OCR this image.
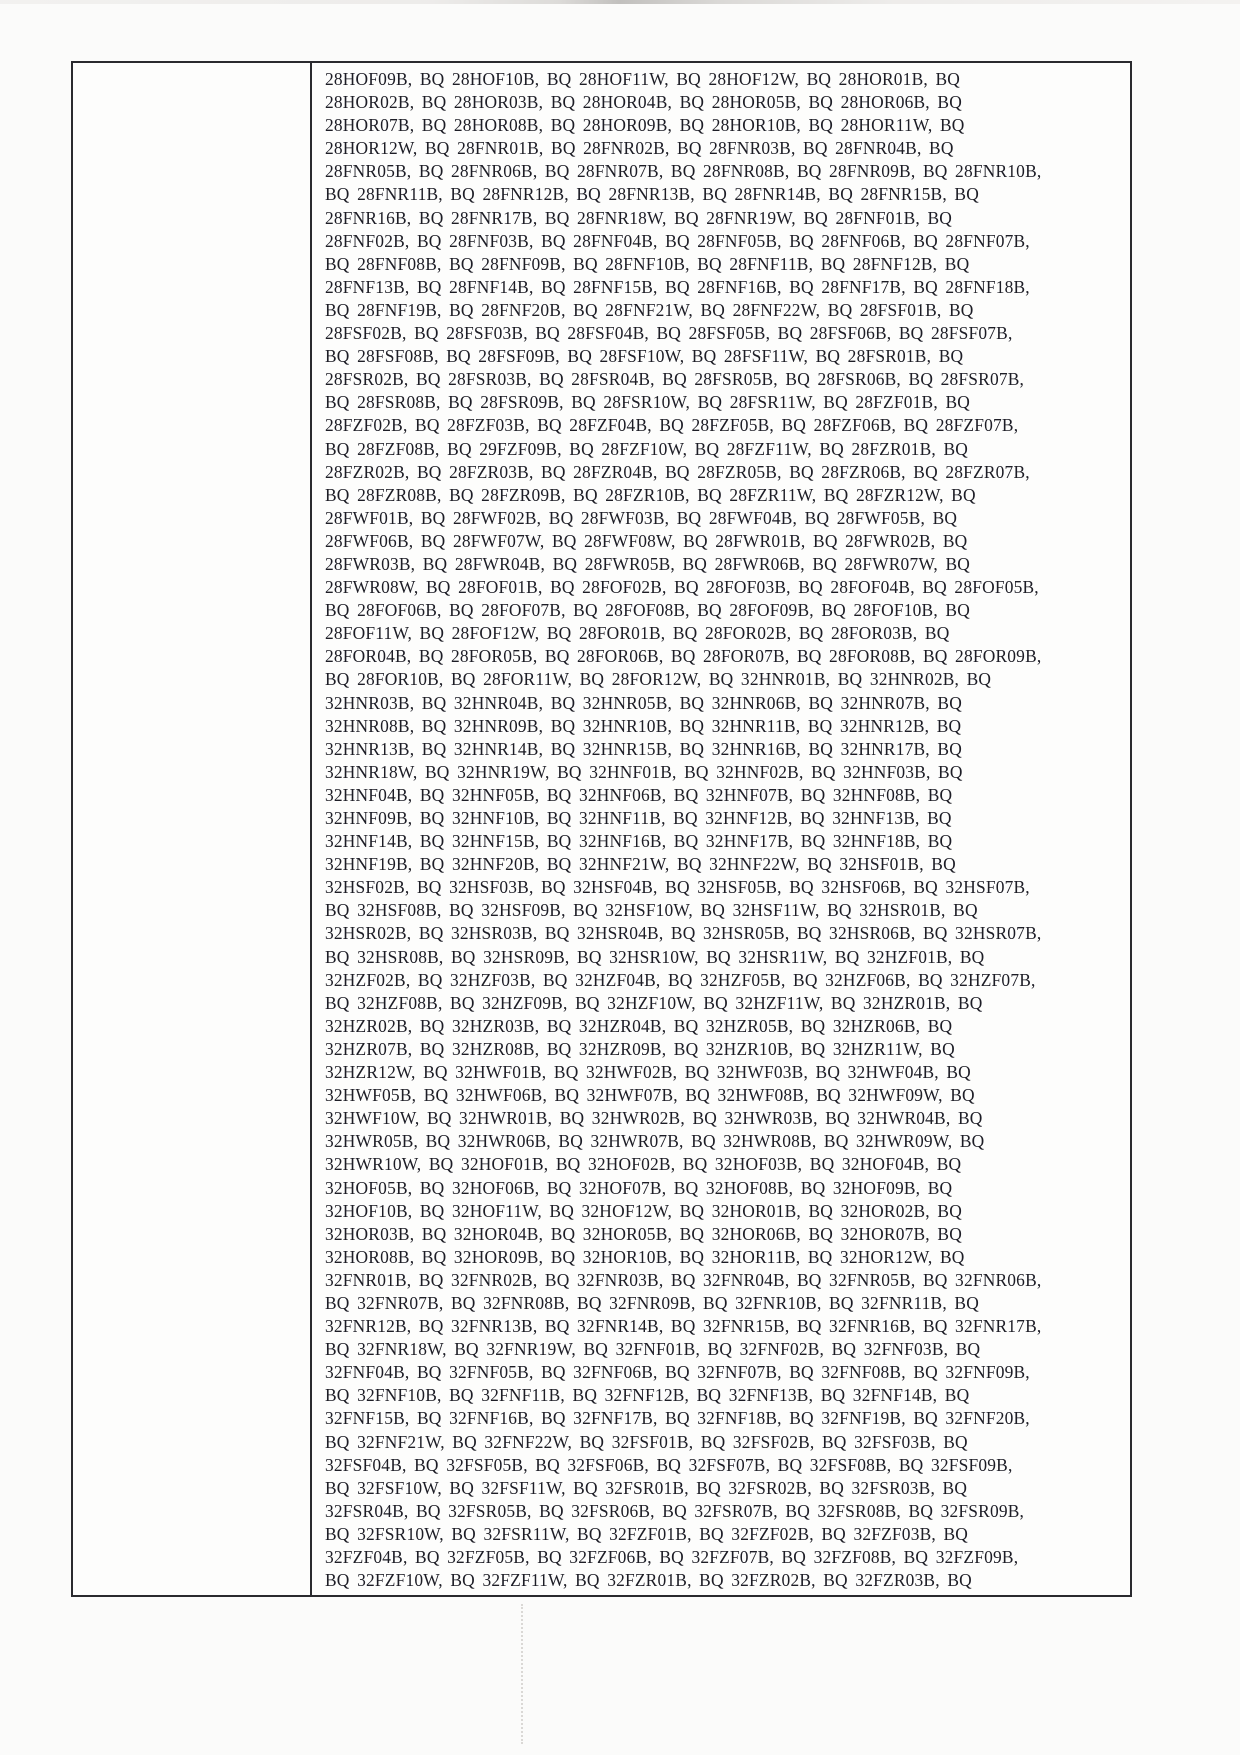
28HOF09B, BQ 28HOF10B, BQ 28HOF11W, BQ 28HOF12W, BQ 28HOR01B, BQ
28HOR02B, BQ 28HOR03B, BQ 28HOR04B, BQ 28HOR05B, BQ 28HOR06B, BQ
28HOR07B, BQ 28HOR08B, BQ 28HOR09B, BQ 28HOR10B, BQ 28HOR11W, BQ
28HOR12W, BQ 28FNR01B, BQ 28FNR02B, BQ 28FNR03B, BQ 28FNR04B, BQ
28FNR05B, BQ 28FNR06B, BQ 28FNR07B, BQ 28FNR08B, BQ 28FNR09B, BQ 28FNR10B,
BQ 28FNR11B, BQ 28FNR12B, BQ 28FNR13B, BQ 28FNR14B, BQ 28FNR15B, BQ
28FNR16B, BQ 28FNR17B, BQ 28FNR18W, BQ 28FNR19W, BQ 28FNF01B, BQ
28FNF02B, BQ 28FNF03B, BQ 28FNF04B, BQ 28FNF05B, BQ 28FNF06B, BQ 28FNF07B,
BQ 28FNF08B, BQ 28FNF09B, BQ 28FNF10B, BQ 28FNF11B, BQ 28FNF12B, BQ
28FNF13B, BQ 28FNF14B, BQ 28FNF15B, BQ 28FNF16B, BQ 28FNF17B, BQ 28FNF18B,
BQ 28FNF19B, BQ 28FNF20B, BQ 28FNF21W, BQ 28FNF22W, BQ 28FSF01B, BQ
28FSF02B, BQ 28FSF03B, BQ 28FSF04B, BQ 28FSF05B, BQ 28FSF06B, BQ 28FSF07B,
BQ 28FSF08B, BQ 28FSF09B, BQ 28FSF10W, BQ 28FSF11W, BQ 28FSR01B, BQ
28FSR02B, BQ 28FSR03B, BQ 28FSR04B, BQ 28FSR05B, BQ 28FSR06B, BQ 28FSR07B,
BQ 28FSR08B, BQ 28FSR09B, BQ 28FSR10W, BQ 28FSR11W, BQ 28FZF01B, BQ
28FZF02B, BQ 28FZF03B, BQ 28FZF04B, BQ 28FZF05B, BQ 28FZF06B, BQ 28FZF07B,
BQ 28FZF08B, BQ 29FZF09B, BQ 28FZF10W, BQ 28FZF11W, BQ 28FZR01B, BQ
28FZR02B, BQ 28FZR03B, BQ 28FZR04B, BQ 28FZR05B, BQ 28FZR06B, BQ 28FZR07B,
BQ 28FZR08B, BQ 28FZR09B, BQ 28FZR10B, BQ 28FZR11W, BQ 28FZR12W, BQ
28FWF01B, BQ 28FWF02B, BQ 28FWF03B, BQ 28FWF04B, BQ 28FWF05B, BQ
28FWF06B, BQ 28FWF07W, BQ 28FWF08W, BQ 28FWR01B, BQ 28FWR02B, BQ
28FWR03B, BQ 28FWR04B, BQ 28FWR05B, BQ 28FWR06B, BQ 28FWR07W, BQ
28FWR08W, BQ 28FOF01B, BQ 28FOF02B, BQ 28FOF03B, BQ 28FOF04B, BQ 28FOF05B,
BQ 28FOF06B, BQ 28FOF07B, BQ 28FOF08B, BQ 28FOF09B, BQ 28FOF10B, BQ
28FOF11W, BQ 28FOF12W, BQ 28FOR01B, BQ 28FOR02B, BQ 28FOR03B, BQ
28FOR04B, BQ 28FOR05B, BQ 28FOR06B, BQ 28FOR07B, BQ 28FOR08B, BQ 28FOR09B,
BQ 28FOR10B, BQ 28FOR11W, BQ 28FOR12W, BQ 32HNR01B, BQ 32HNR02B, BQ
32HNR03B, BQ 32HNR04B, BQ 32HNR05B, BQ 32HNR06B, BQ 32HNR07B, BQ
32HNR08B, BQ 32HNR09B, BQ 32HNR10B, BQ 32HNR11B, BQ 32HNR12B, BQ
32HNR13B, BQ 32HNR14B, BQ 32HNR15B, BQ 32HNR16B, BQ 32HNR17B, BQ
32HNR18W, BQ 32HNR19W, BQ 32HNF01B, BQ 32HNF02B, BQ 32HNF03B, BQ
32HNF04B, BQ 32HNF05B, BQ 32HNF06B, BQ 32HNF07B, BQ 32HNF08B, BQ
32HNF09B, BQ 32HNF10B, BQ 32HNF11B, BQ 32HNF12B, BQ 32HNF13B, BQ
32HNF14B, BQ 32HNF15B, BQ 32HNF16B, BQ 32HNF17B, BQ 32HNF18B, BQ
32HNF19B, BQ 32HNF20B, BQ 32HNF21W, BQ 32HNF22W, BQ 32HSF01B, BQ
32HSF02B, BQ 32HSF03B, BQ 32HSF04B, BQ 32HSF05B, BQ 32HSF06B, BQ 32HSF07B,
BQ 32HSF08B, BQ 32HSF09B, BQ 32HSF10W, BQ 32HSF11W, BQ 32HSR01B, BQ
32HSR02B, BQ 32HSR03B, BQ 32HSR04B, BQ 32HSR05B, BQ 32HSR06B, BQ 32HSR07B,
BQ 32HSR08B, BQ 32HSR09B, BQ 32HSR10W, BQ 32HSR11W, BQ 32HZF01B, BQ
32HZF02B, BQ 32HZF03B, BQ 32HZF04B, BQ 32HZF05B, BQ 32HZF06B, BQ 32HZF07B,
BQ 32HZF08B, BQ 32HZF09B, BQ 32HZF10W, BQ 32HZF11W, BQ 32HZR01B, BQ
32HZR02B, BQ 32HZR03B, BQ 32HZR04B, BQ 32HZR05B, BQ 32HZR06B, BQ
32HZR07B, BQ 32HZR08B, BQ 32HZR09B, BQ 32HZR10B, BQ 32HZR11W, BQ
32HZR12W, BQ 32HWF01B, BQ 32HWF02B, BQ 32HWF03B, BQ 32HWF04B, BQ
32HWF05B, BQ 32HWF06B, BQ 32HWF07B, BQ 32HWF08B, BQ 32HWF09W, BQ
32HWF10W, BQ 32HWR01B, BQ 32HWR02B, BQ 32HWR03B, BQ 32HWR04B, BQ
32HWR05B, BQ 32HWR06B, BQ 32HWR07B, BQ 32HWR08B, BQ 32HWR09W, BQ
32HWR10W, BQ 32HOF01B, BQ 32HOF02B, BQ 32HOF03B, BQ 32HOF04B, BQ
32HOF05B, BQ 32HOF06B, BQ 32HOF07B, BQ 32HOF08B, BQ 32HOF09B, BQ
32HOF10B, BQ 32HOF11W, BQ 32HOF12W, BQ 32HOR01B, BQ 32HOR02B, BQ
32HOR03B, BQ 32HOR04B, BQ 32HOR05B, BQ 32HOR06B, BQ 32HOR07B, BQ
32HOR08B, BQ 32HOR09B, BQ 32HOR10B, BQ 32HOR11B, BQ 32HOR12W, BQ
32FNR01B, BQ 32FNR02B, BQ 32FNR03B, BQ 32FNR04B, BQ 32FNR05B, BQ 32FNR06B,
BQ 32FNR07B, BQ 32FNR08B, BQ 32FNR09B, BQ 32FNR10B, BQ 32FNR11B, BQ
32FNR12B, BQ 32FNR13B, BQ 32FNR14B, BQ 32FNR15B, BQ 32FNR16B, BQ 32FNR17B,
BQ 32FNR18W, BQ 32FNR19W, BQ 32FNF01B, BQ 32FNF02B, BQ 32FNF03B, BQ
32FNF04B, BQ 32FNF05B, BQ 32FNF06B, BQ 32FNF07B, BQ 32FNF08B, BQ 32FNF09B,
BQ 32FNF10B, BQ 32FNF11B, BQ 32FNF12B, BQ 32FNF13B, BQ 32FNF14B, BQ
32FNF15B, BQ 32FNF16B, BQ 32FNF17B, BQ 32FNF18B, BQ 32FNF19B, BQ 32FNF20B,
BQ 32FNF21W, BQ 32FNF22W, BQ 32FSF01B, BQ 32FSF02B, BQ 32FSF03B, BQ
32FSF04B, BQ 32FSF05B, BQ 32FSF06B, BQ 32FSF07B, BQ 32FSF08B, BQ 32FSF09B,
BQ 32FSF10W, BQ 32FSF11W, BQ 32FSR01B, BQ 32FSR02B, BQ 32FSR03B, BQ
32FSR04B, BQ 32FSR05B, BQ 32FSR06B, BQ 32FSR07B, BQ 32FSR08B, BQ 32FSR09B,
BQ 32FSR10W, BQ 32FSR11W, BQ 32FZF01B, BQ 32FZF02B, BQ 32FZF03B, BQ
32FZF04B, BQ 32FZF05B, BQ 32FZF06B, BQ 32FZF07B, BQ 32FZF08B, BQ 32FZF09B,
BQ 32FZF10W, BQ 32FZF11W, BQ 32FZR01B, BQ 32FZR02B, BQ 32FZR03B, BQ
